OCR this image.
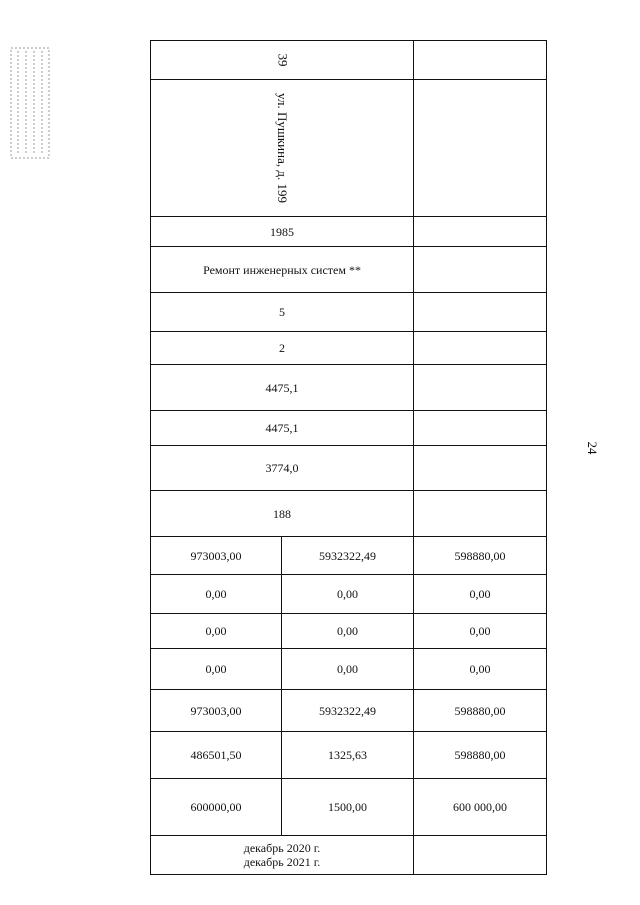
24
39		

ул. Пушкина, д. 199		

1985		
Ремонт инженерных систем **		
5		
2		
4475,1		
4475,1		
3774,0		
188		
973003,00	5932322,49	598880,00
0,00	0,00	0,00
0,00	0,00	0,00
0,00	0,00	0,00
973003,00	5932322,49	598880,00
486501,50	1325,63	598880,00
600000,00	1500,00	600 000,00

декабрь 2020 г.
декабрь 2021 г.		
